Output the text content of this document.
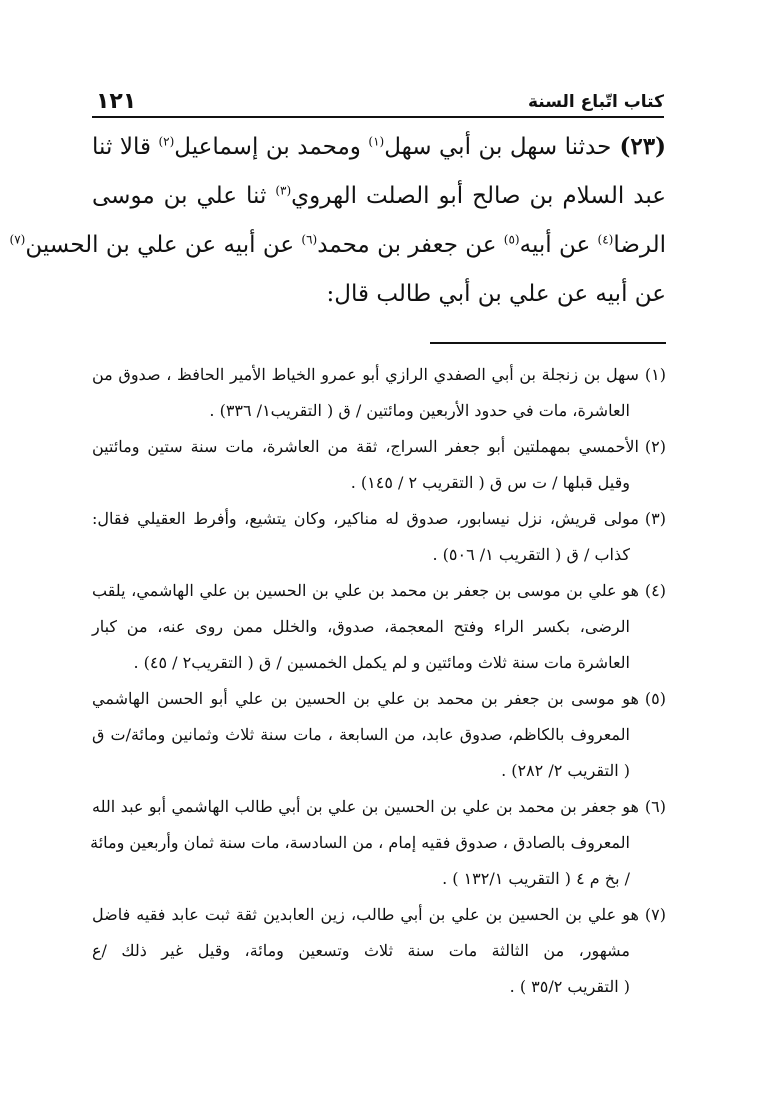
كتاب اتّباع السنة
١٢١
(٢٣) حدثنا سهل بن أبي سهل$^{(١)}$ ومحمد بن إسماعيل$^{(٢)}$ قالا ثنا
عبد السلام بن صالح أبو الصلت الهروي$^{(٣)}$ ثنا علي بن موسى
الرضا$^{(٤)}$ عن أبيه$^{(٥)}$ عن جعفر بن محمد$^{(٦)}$ عن أبيه عن علي بن الحسين$^{(٧)}$
عن أبيه عن علي بن أبي طالب قال:
(١)سهل بن زنجلة بن أبي الصفدي الرازي أبو عمرو الخياط الأمير الحافظ ، صدوق من
العاشرة، مات في حدود الأربعين ومائتين / ق ( التقريب١/ ٣٣٦) .
(٢)الأحمسي بمهملتين أبو جعفر السراج، ثقة من العاشرة، مات سنة ستين ومائتين
وقيل قبلها / ت س ق ( التقريب ٢ / ١٤٥) .
(٣)مولى قريش، نزل نيسابور، صدوق له مناكير، وكان يتشيع، وأفرط العقيلي فقال:
كذاب / ق ( التقريب ١/ ٥٠٦) .
(٤)هو علي بن موسى بن جعفر بن محمد بن علي بن الحسين بن علي الهاشمي، يلقب
الرضى، بكسر الراء وفتح المعجمة، صدوق، والخلل ممن روى عنه، من كبار
العاشرة مات سنة ثلاث ومائتين و لم يكمل الخمسين / ق ( التقريب٢ / ٤٥) .
(٥)هو موسى بن جعفر بن محمد بن علي بن الحسين بن علي أبو الحسن الهاشمي
المعروف بالكاظم، صدوق عابد، من السابعة ، مات سنة ثلاث وثمانين ومائة/ت ق
( التقريب ٢/ ٢٨٢) .
(٦)هو جعفر بن محمد بن علي بن الحسين بن علي بن أبي طالب الهاشمي أبو عبد الله
المعروف بالصادق ، صدوق فقيه إمام ، من السادسة، مات سنة ثمان وأربعين ومائة
/ بخ م ٤ ( التقريب ١٣٢/١ ) .
(٧)هو علي بن الحسين بن علي بن أبي طالب، زين العابدين ثقة ثبت عابد فقيه فاضل
مشهور، من الثالثة مات سنة ثلاث وتسعين ومائة، وقيل غير ذلك /ع
( التقريب ٣٥/٢ ) .
